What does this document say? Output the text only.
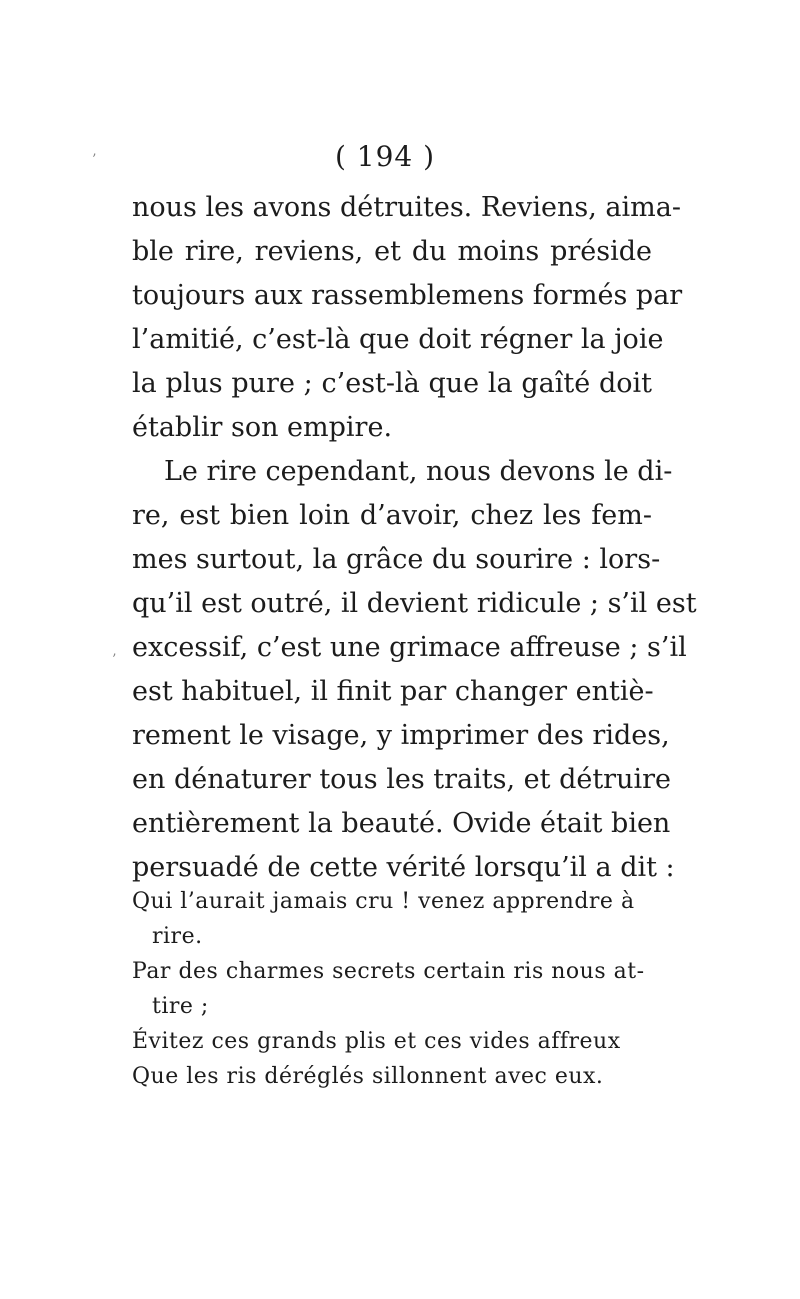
( 194 )
nous les avons détruites. Reviens, aima-
ble rire, reviens, et du moins préside
toujours aux rassemblemens formés par
l’amitié, c’est-là que doit régner la joie
la plus pure ; c’est-là que la gaîté doit
établir son empire.
Le rire cependant, nous devons le di-
re, est bien loin d’avoir, chez les fem-
mes surtout, la grâce du sourire : lors-
qu’il est outré, il devient ridicule ; s’il est
excessif, c’est une grimace affreuse ; s’il
est habituel, il finit par changer entiè-
rement le visage, y imprimer des rides,
en dénaturer tous les traits, et détruire
entièrement la beauté. Ovide était bien
persuadé de cette vérité lorsqu’il a dit :
Qui l’aurait jamais cru ! venez apprendre à
rire.
Par des charmes secrets certain ris nous at-
tire ;
Évitez ces grands plis et ces vides affreux
Que les ris déréglés sillonnent avec eux.
’
’
